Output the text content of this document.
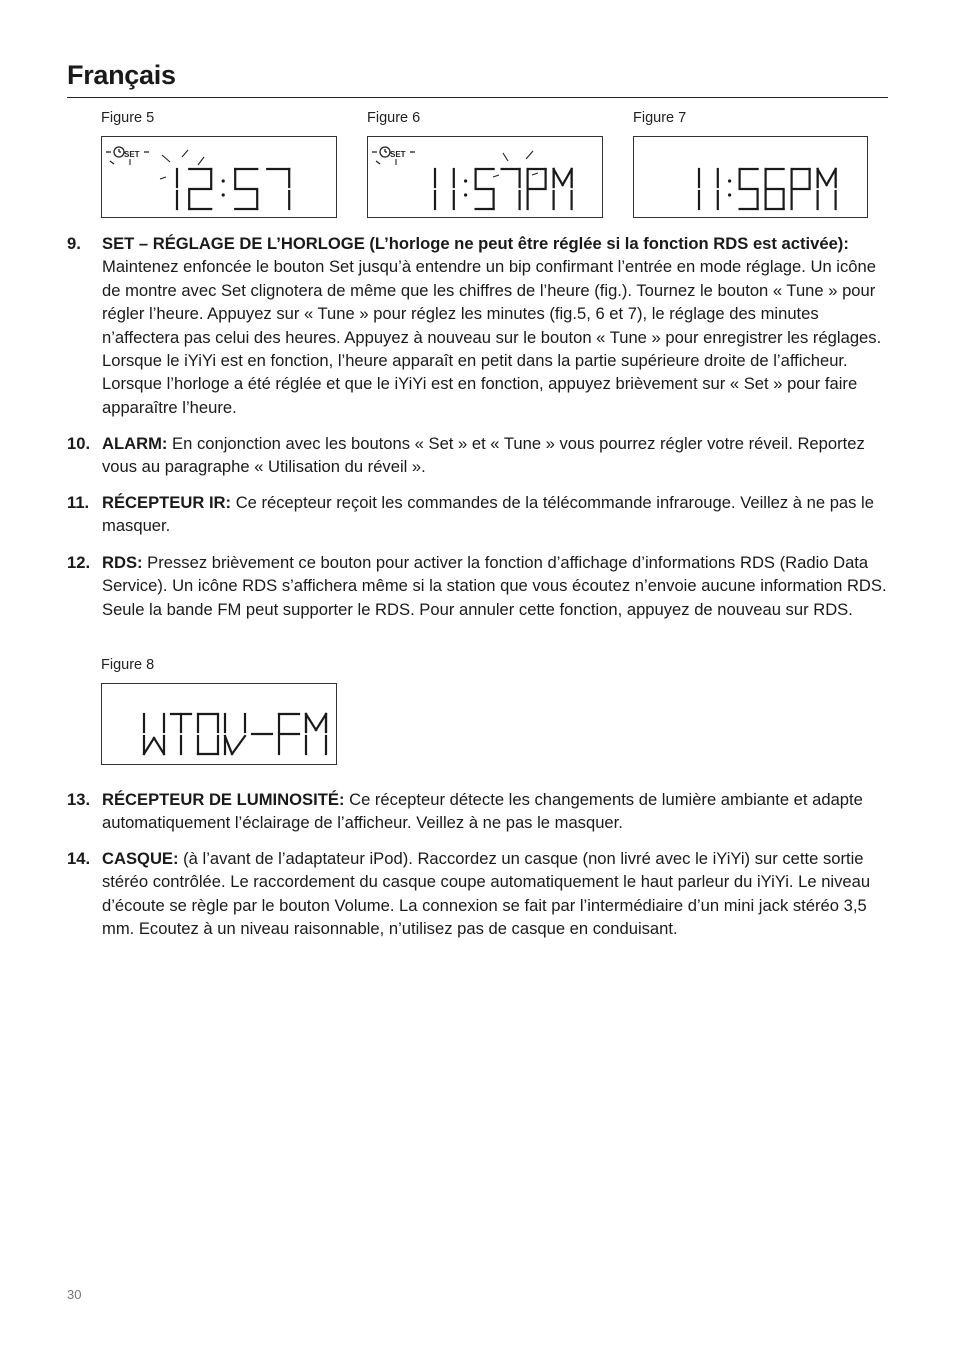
Français
Figure 5
SET
Figure 6
SET
Figure 7
9.	SET – RÉGLAGE DE L’HORLOGE (L’horloge ne peut être réglée si la fonction RDS est activée): Maintenez enfoncée le bouton Set jusqu’à entendre un bip confirmant l’entrée en mode réglage. Un icône de montre avec Set clignotera de même que les chiffres de l’heure (fig.). Tournez le bouton « Tune » pour régler l’heure. Appuyez sur « Tune » pour réglez les minutes (fig.5, 6 et 7), le réglage des minutes n’affectera pas celui des heures. Appuyez à nouveau sur le bouton « Tune » pour enregistrer les réglages. Lorsque le iYiYi est en fonction, l’heure apparaît en petit dans la partie supérieure droite de l’afficheur. Lorsque l’horloge a été réglée et que le iYiYi est en fonction, appuyez brièvement sur « Set » pour faire apparaître l’heure.
10. ALARM: En conjonction avec les boutons « Set » et « Tune » vous pourrez régler votre réveil. Reportez vous au paragraphe « Utilisation du réveil ».
11. RÉCEPTEUR IR: Ce récepteur reçoit les commandes de la télécommande infrarouge. Veillez à ne pas le masquer.
12. RDS: Pressez brièvement ce bouton pour activer la fonction d’affichage d’informations RDS (Radio Data Service). Un icône RDS s’affichera même si la station que vous écoutez n’envoie aucune information RDS. Seule la bande FM peut supporter le RDS. Pour annuler cette fonction, appuyez de nouveau sur RDS.
Figure 8
13. RÉCEPTEUR DE LUMINOSITÉ: Ce récepteur détecte les changements de lumière ambiante et adapte automatiquement l’éclairage de l’afficheur. Veillez à ne pas le masquer.
14. CASQUE: (à l’avant de l’adaptateur iPod). Raccordez un casque (non livré avec le iYiYi) sur cette sortie stéréo contrôlée. Le raccordement du casque coupe automatiquement le haut parleur du iYiYi. Le niveau d’écoute se règle par le bouton Volume. La connexion se fait par l’intermédiaire d’un mini jack stéréo 3,5 mm. Ecoutez à un niveau raisonnable, n’utilisez pas de casque en conduisant.
30
